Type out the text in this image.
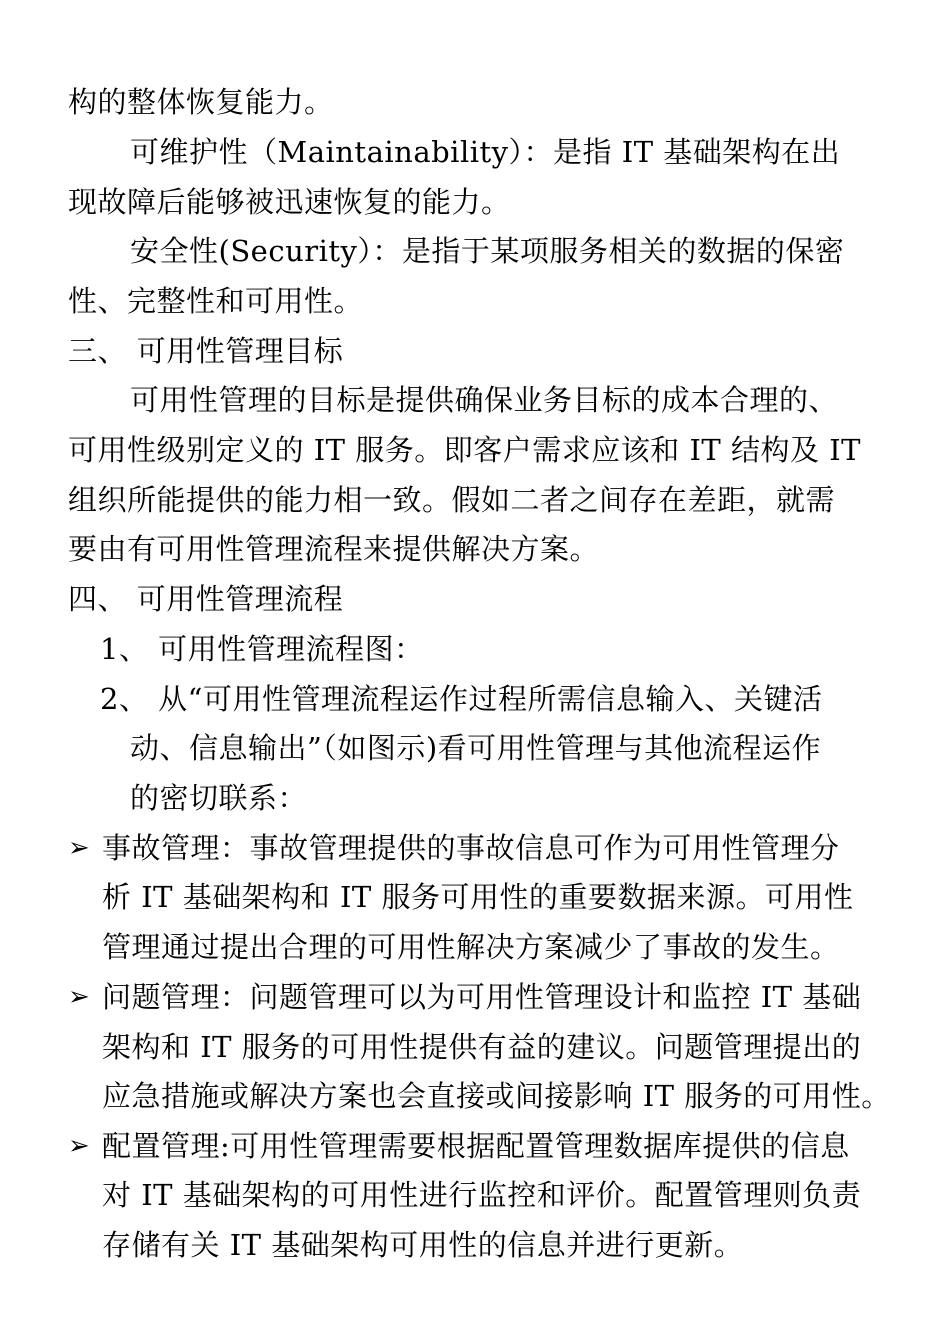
构的整体恢复能力。
可维护性（Maintainability）：是指 IT 基础架构在出
现故障后能够被迅速恢复的能力。
安全性(Security）：是指于某项服务相关的数据的保密
性、完整性和可用性。
三、 可用性管理目标
可用性管理的目标是提供确保业务目标的成本合理的、
可用性级别定义的 IT 服务。即客户需求应该和 IT 结构及 IT
组织所能提供的能力相一致。假如二者之间存在差距，就需
要由有可用性管理流程来提供解决方案。
四、 可用性管理流程
1、 可用性管理流程图：
2、 从“可用性管理流程运作过程所需信息输入、关键活
动、信息输出”（如图示)看可用性管理与其他流程运作
的密切联系：
➢ 事故管理：事故管理提供的事故信息可作为可用性管理分
析 IT 基础架构和 IT 服务可用性的重要数据来源。可用性
管理通过提出合理的可用性解决方案减少了事故的发生。
➢ 问题管理：问题管理可以为可用性管理设计和监控 IT 基础
架构和 IT 服务的可用性提供有益的建议。问题管理提出的
应急措施或解决方案也会直接或间接影响 IT 服务的可用性。
➢ 配置管理:可用性管理需要根据配置管理数据库提供的信息
对 IT 基础架构的可用性进行监控和评价。配置管理则负责
存储有关 IT 基础架构可用性的信息并进行更新。
